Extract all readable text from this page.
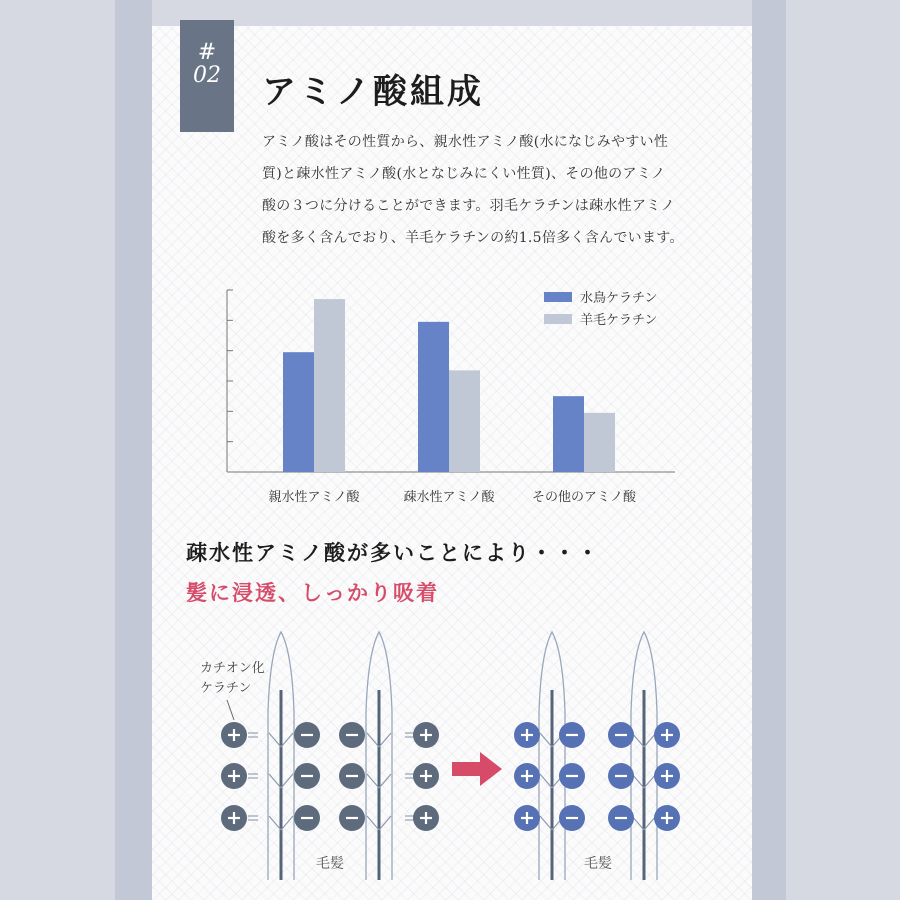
#
02	アミノ酸組成

アミノ酸はその性質から、親水性アミノ酸(水になじみやすい性
質)と疎水性アミノ酸(水となじみにくい性質)、その他のアミノ
酸の３つに分けることができます。羽毛ケラチンは疎水性アミノ
酸を多く含んでおり、羊毛ケラチンの約1.5倍多く含んでいます。

親水性アミノ酸	疎水性アミノ酸	その他のアミノ酸
水鳥ケラチン
羊毛ケラチン
疎水性アミノ酸が多いことにより・・・
髪に浸透、しっかり吸着
カチオン化
ケラチン
毛髪	毛髪
